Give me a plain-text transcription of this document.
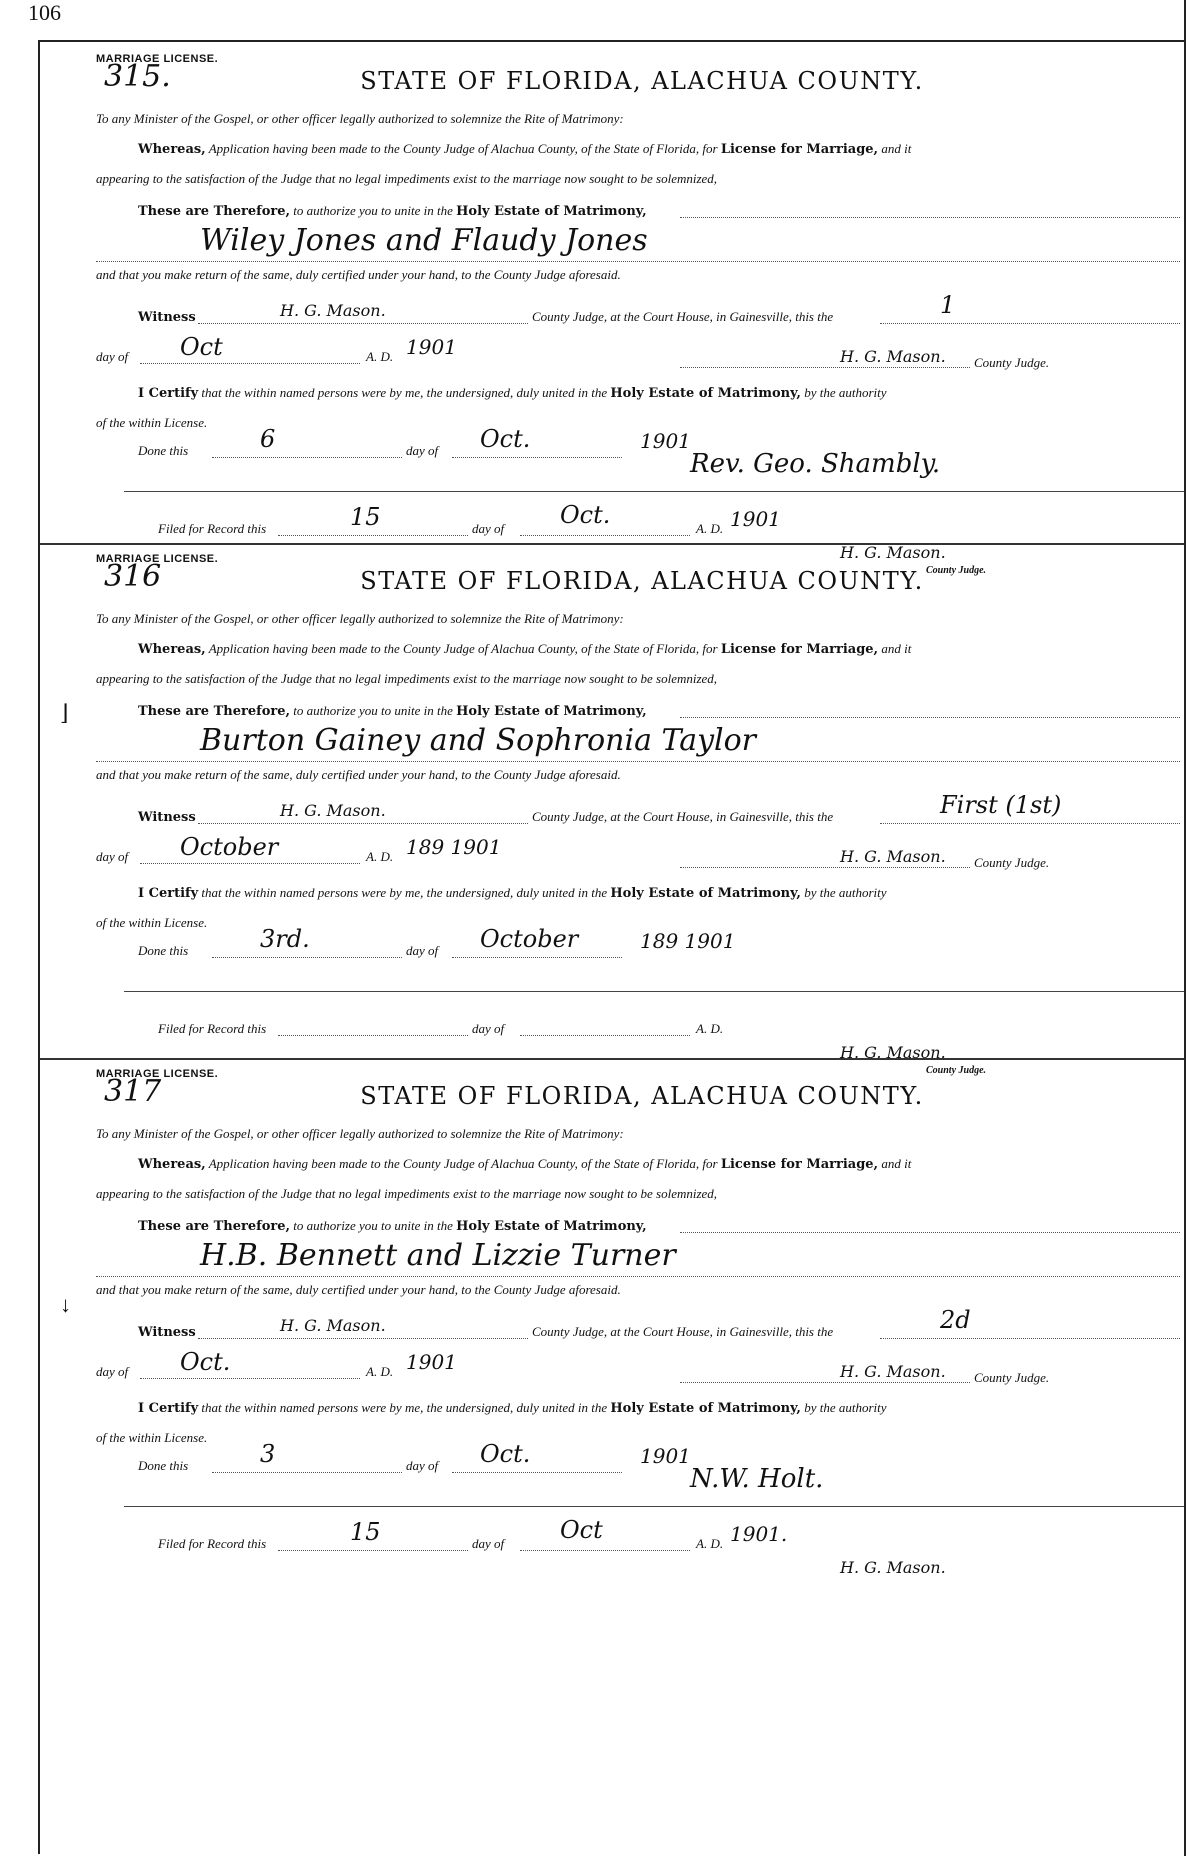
106
⌋
↓
MARRIAGE LICENSE.
315.	STATE OF FLORIDA, ALACHUA COUNTY.
To any Minister of the Gospel, or other officer legally authorized to solemnize the Rite of Matrimony:
Whereas, Application having been made to the County Judge of Alachua County, of the State of Florida, for License for Marriage, and it
appearing to the satisfaction of the Judge that no legal impediments exist to the marriage now sought to be solemnized,
These are Therefore, to authorize you to unite in the Holy Estate of Matrimony,
Wiley Jones and Flaudy Jones
and that you make return of the same, duly certified under your hand, to the County Judge aforesaid.
Witness	H. G. Mason.	County Judge, at the Court House, in Gainesville, this the	1
day of Oct	A. D. 1901	H. G. Mason. County Judge.
I Certify that the within named persons were by me, the undersigned, duly united in the Holy Estate of Matrimony, by the authority
of the within License.
Done this	6	day of Oct.	1901
Rev. Geo. Shambly.
Filed for Record this	15	day of Oct.	A. D. 1901
H. G. Mason.
County Judge.
MARRIAGE LICENSE.
316	STATE OF FLORIDA, ALACHUA COUNTY.
To any Minister of the Gospel, or other officer legally authorized to solemnize the Rite of Matrimony:
Whereas, Application having been made to the County Judge of Alachua County, of the State of Florida, for License for Marriage, and it
appearing to the satisfaction of the Judge that no legal impediments exist to the marriage now sought to be solemnized,
These are Therefore, to authorize you to unite in the Holy Estate of Matrimony,
Burton Gainey and Sophronia Taylor
and that you make return of the same, duly certified under your hand, to the County Judge aforesaid.
Witness	H. G. Mason.	County Judge, at the Court House, in Gainesville, this the	First (1st)
day of October	A. D. 189 1901	H. G. Mason. County Judge.
I Certify that the within named persons were by me, the undersigned, duly united in the Holy Estate of Matrimony, by the authority
of the within License.
Done this	3rd.	day of October	189 1901
Filed for Record this	day of	A. D.
H. G. Mason.
County Judge.
MARRIAGE LICENSE.
317	STATE OF FLORIDA, ALACHUA COUNTY.
To any Minister of the Gospel, or other officer legally authorized to solemnize the Rite of Matrimony:
Whereas, Application having been made to the County Judge of Alachua County, of the State of Florida, for License for Marriage, and it
appearing to the satisfaction of the Judge that no legal impediments exist to the marriage now sought to be solemnized,
These are Therefore, to authorize you to unite in the Holy Estate of Matrimony,
H.B. Bennett and Lizzie Turner
and that you make return of the same, duly certified under your hand, to the County Judge aforesaid.
Witness	H. G. Mason.	County Judge, at the Court House, in Gainesville, this the	2d
day of Oct.	A. D. 1901	H. G. Mason. County Judge.
I Certify that the within named persons were by me, the undersigned, duly united in the Holy Estate of Matrimony, by the authority
of the within License.
Done this	3	day of Oct.	1901
N.W. Holt.
Filed for Record this	15	day of Oct	A. D. 1901.
H. G. Mason.
